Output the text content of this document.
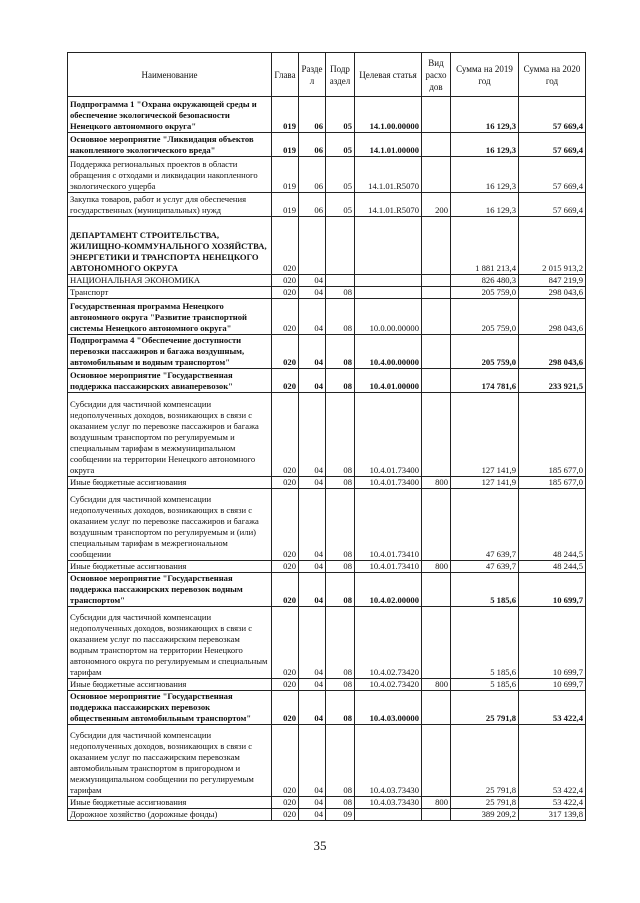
Наименование	Глава	Разде л	Подр аздел	Целевая статья	Вид расхо дов	Сумма на 2019 год	Сумма на 2020 год
Подпрограмма 1 "Охрана окружающей среды и обеспечение экологической безопасности Ненецкого автономного округа"	019	06	05	14.1.00.00000		16 129,3	57 669,4
Основное мероприятие "Ликвидация объектов накопленного экологического вреда"	019	06	05	14.1.01.00000		16 129,3	57 669,4
Поддержка региональных проектов в области обращения с отходами и ликвидации накопленного экологического ущерба	019	06	05	14.1.01.R5070		16 129,3	57 669,4
Закупка товаров, работ и услуг для обеспечения государственных (муниципальных) нужд	019	06	05	14.1.01.R5070	200	16 129,3	57 669,4
ДЕПАРТАМЕНТ СТРОИТЕЛЬСТВА, ЖИЛИЩНО-КОММУНАЛЬНОГО ХОЗЯЙСТВА, ЭНЕРГЕТИКИ И ТРАНСПОРТА НЕНЕЦКОГО АВТОНОМНОГО ОКРУГА	020					1 881 213,4	2 015 913,2
НАЦИОНАЛЬНАЯ ЭКОНОМИКА	020	04				826 480,3	847 219,9
Транспорт	020	04	08			205 759,0	298 043,6
Государственная программа Ненецкого автономного округа "Развитие транспортной системы Ненецкого автономного округа"	020	04	08	10.0.00.00000		205 759,0	298 043,6
Подпрограмма 4 "Обеспечение доступности перевозки пассажиров и багажа воздушным, автомобильным и водным транспортом"	020	04	08	10.4.00.00000		205 759,0	298 043,6
Основное мероприятие "Государственная поддержка пассажирских авиаперевозок"	020	04	08	10.4.01.00000		174 781,6	233 921,5
Субсидии для частичной компенсации недополученных доходов, возникающих в связи с оказанием услуг по перевозке пассажиров и багажа воздушным транспортом по регулируемым и специальным тарифам в межмуниципальном сообщении на территории Ненецкого автономного округа	020	04	08	10.4.01.73400		127 141,9	185 677,0
Иные бюджетные ассигнования	020	04	08	10.4.01.73400	800	127 141,9	185 677,0
Субсидии для частичной компенсации недополученных доходов, возникающих в связи с оказанием услуг по перевозке пассажиров и багажа воздушным транспортом по регулируемым и (или) специальным тарифам в межрегиональном сообщении	020	04	08	10.4.01.73410		47 639,7	48 244,5
Иные бюджетные ассигнования	020	04	08	10.4.01.73410	800	47 639,7	48 244,5
Основное мероприятие "Государственная поддержка пассажирских перевозок водным транспортом"	020	04	08	10.4.02.00000		5 185,6	10 699,7
Субсидии для частичной компенсации недополученных доходов, возникающих в связи с оказанием услуг по пассажирским перевозкам водным транспортом на территории Ненецкого автономного округа по регулируемым и специальным тарифам	020	04	08	10.4.02.73420		5 185,6	10 699,7
Иные бюджетные ассигнования	020	04	08	10.4.02.73420	800	5 185,6	10 699,7
Основное мероприятие "Государственная поддержка пассажирских перевозок общественным автомобильным транспортом"	020	04	08	10.4.03.00000		25 791,8	53 422,4
Субсидии для частичной компенсации недополученных доходов, возникающих в связи с оказанием услуг по пассажирским перевозкам автомобильным транспортом в пригородном и межмуниципальном сообщении по регулируемым тарифам	020	04	08	10.4.03.73430		25 791,8	53 422,4
Иные бюджетные ассигнования	020	04	08	10.4.03.73430	800	25 791,8	53 422,4
Дорожное хозяйство (дорожные фонды)	020	04	09			389 209,2	317 139,8
35
